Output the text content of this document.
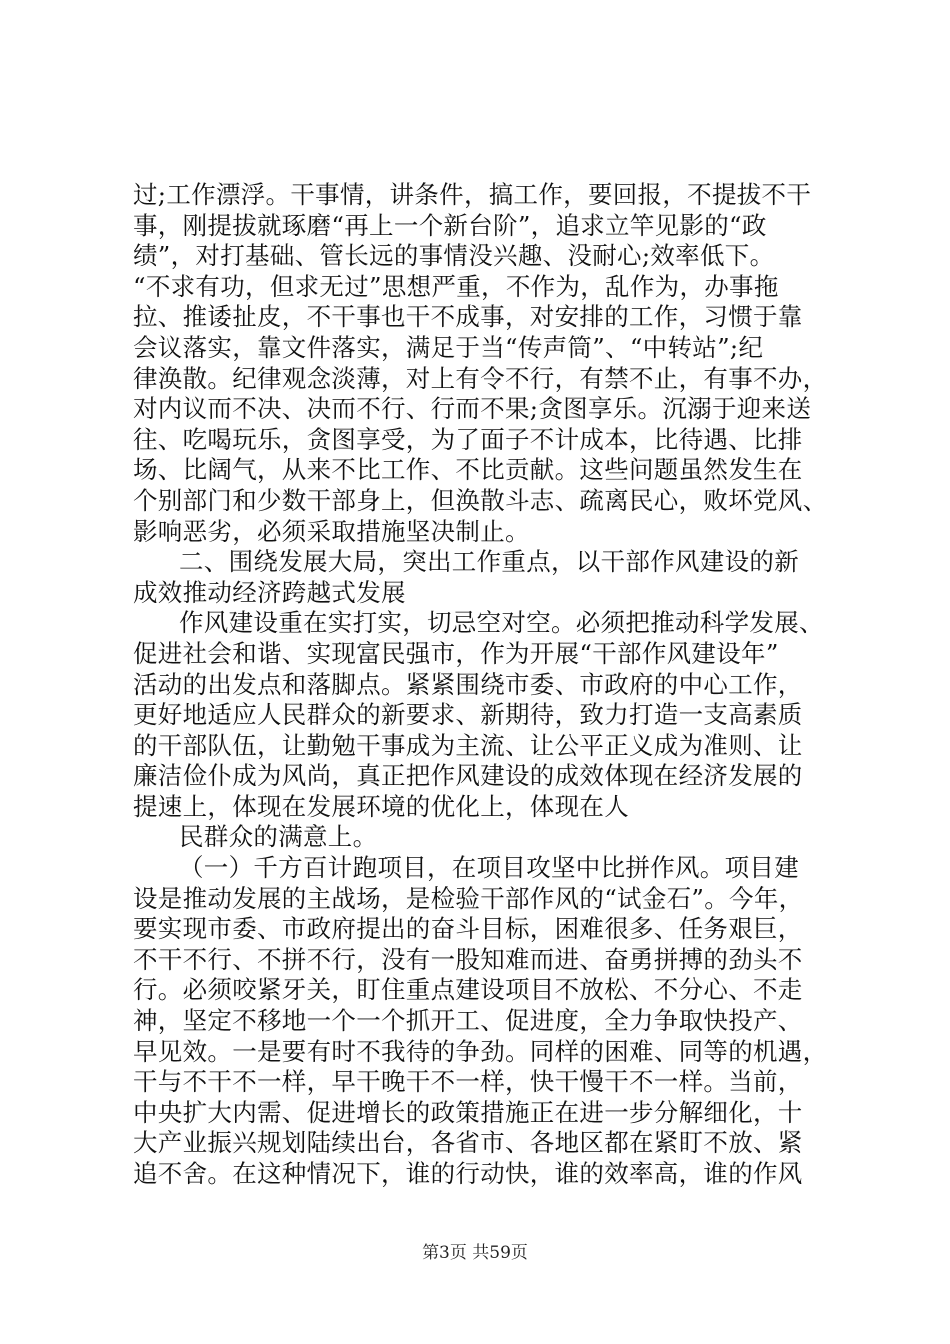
过;工作漂浮。干事情，讲条件，搞工作，要回报，不提拔不干
事，刚提拔就琢磨“再上一个新台阶”，追求立竿见影的“政
绩”，对打基础、管长远的事情没兴趣、没耐心;效率低下。
“不求有功，但求无过”思想严重，不作为，乱作为，办事拖
拉、推诿扯皮，不干事也干不成事，对安排的工作，习惯于靠
会议落实，靠文件落实，满足于当“传声筒”、“中转站”;纪
律涣散。纪律观念淡薄，对上有令不行，有禁不止，有事不办，
对内议而不决、决而不行、行而不果;贪图享乐。沉溺于迎来送
往、吃喝玩乐，贪图享受，为了面子不计成本，比待遇、比排
场、比阔气，从来不比工作、不比贡献。这些问题虽然发生在
个别部门和少数干部身上，但涣散斗志、疏离民心，败坏党风、
影响恶劣，必须采取措施坚决制止。
二、围绕发展大局，突出工作重点，以干部作风建设的新
成效推动经济跨越式发展
作风建设重在实打实，切忌空对空。必须把推动科学发展、
促进社会和谐、实现富民强市，作为开展“干部作风建设年”
活动的出发点和落脚点。紧紧围绕市委、市政府的中心工作，
更好地适应人民群众的新要求、新期待，致力打造一支高素质
的干部队伍，让勤勉干事成为主流、让公平正义成为准则、让
廉洁俭仆成为风尚，真正把作风建设的成效体现在经济发展的
提速上，体现在发展环境的优化上，体现在人
民群众的满意上。
（一）千方百计跑项目，在项目攻坚中比拼作风。项目建
设是推动发展的主战场，是检验干部作风的“试金石”。今年，
要实现市委、市政府提出的奋斗目标，困难很多、任务艰巨，
不干不行、不拼不行，没有一股知难而进、奋勇拼搏的劲头不
行。必须咬紧牙关，盯住重点建设项目不放松、不分心、不走
神，坚定不移地一个一个抓开工、促进度，全力争取快投产、
早见效。一是要有时不我待的争劲。同样的困难、同等的机遇，
干与不干不一样，早干晚干不一样，快干慢干不一样。当前，
中央扩大内需、促进增长的政策措施正在进一步分解细化，十
大产业振兴规划陆续出台，各省市、各地区都在紧盯不放、紧
追不舍。在这种情况下，谁的行动快，谁的效率高，谁的作风
第3页 共59页
